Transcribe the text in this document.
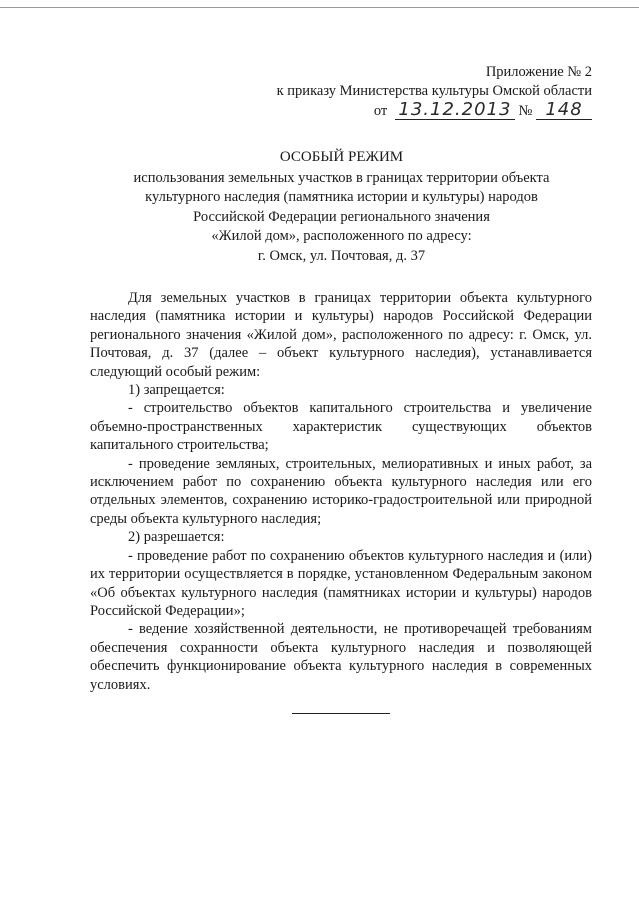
Приложение № 2
к приказу Министерства культуры Омской области
от 13.12.2013 № 148
ОСОБЫЙ РЕЖИМ
использования земельных участков в границах территории объекта
культурного наследия (памятника истории и культуры) народов
Российской Федерации регионального значения
«Жилой дом», расположенного по адресу:
г. Омск, ул. Почтовая, д. 37

Для земельных участков в границах территории объекта культурного наследия (памятника истории и культуры) народов Российской Федерации регионального значения «Жилой дом», расположенного по адресу: г. Омск, ул. Почтовая, д. 37 (далее – объект культурного наследия), устанавливается следующий особый режим:

1) запрещается:

- строительство объектов капитального строительства и увеличение объемно-пространственных характеристик существующих объектов капитального строительства;

- проведение земляных, строительных, мелиоративных и иных работ, за исключением работ по сохранению объекта культурного наследия или его отдельных элементов, сохранению историко-градостроительной или природной среды объекта культурного наследия;

2) разрешается:

- проведение работ по сохранению объектов культурного наследия и (или) их территории осуществляется в порядке, установленном Федеральным законом «Об объектах культурного наследия (памятниках истории и культуры) народов Российской Федерации»;

- ведение хозяйственной деятельности, не противоречащей требованиям обеспечения сохранности объекта культурного наследия и позволяющей обеспечить функционирование объекта культурного наследия в современных условиях.
